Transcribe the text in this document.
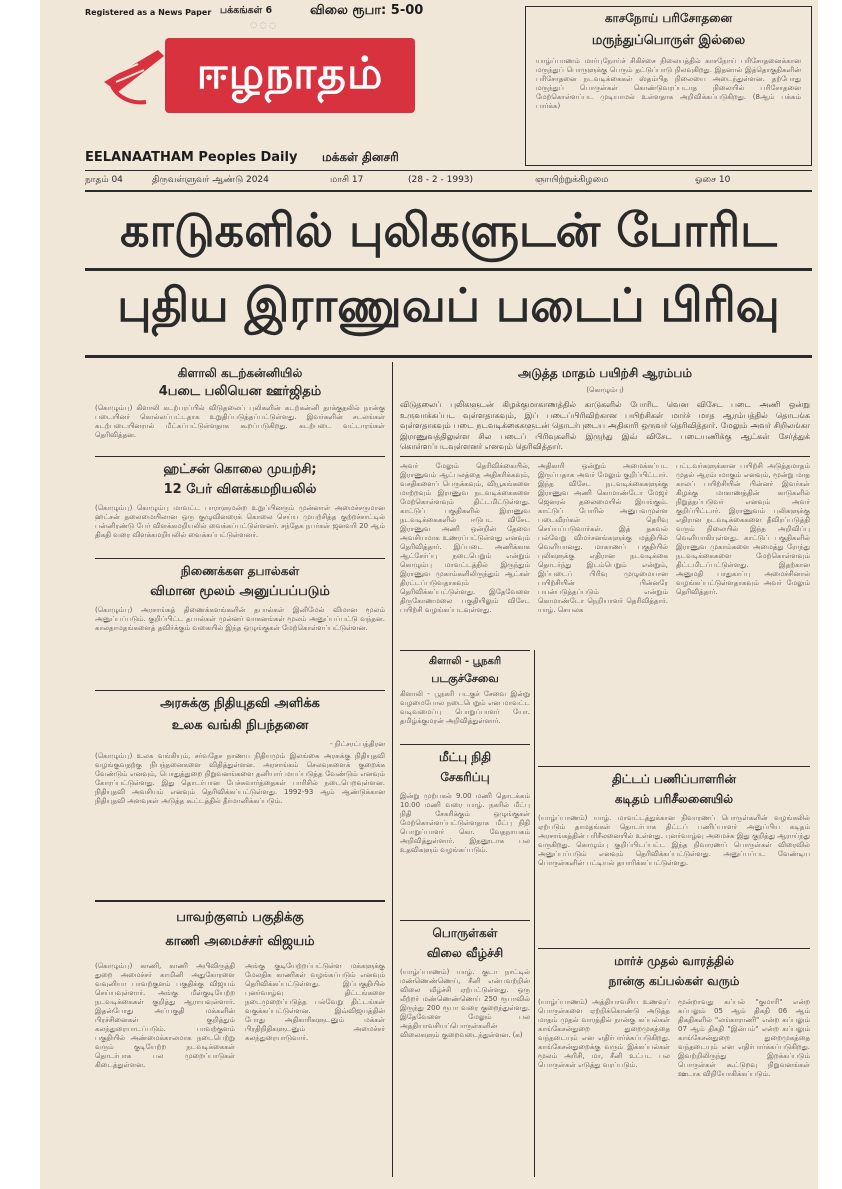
Registered as a News Paper பக்கங்கள் 6	விலை ரூபா: 5-00
◌ ◌ ◌
ஈழநாதம்
EELANAATHAM Peoples Daily மக்கள் தினசரி
காசநோய் பரிசோதனை
மருந்துப்பொருள் இல்லை
யாழ்ப்பாணம் மார்புநோய்ச் சிகிச்சை நிலையத்தில் காசநோய் பரிசோதனைக்கான மருந்துப் பொருளுக்கு பெரும் தட்டுப்பாடு நிலவுகிறது. இதனால் இத்தொகுதிகளின் பரிசோதனை நடவடிக்கைகள் ஸ்தம்பித நிலையை அடைந்துள்ளன. தற்போது மருந்துப் பொருள்கள் கொண்டுவரப்படாத நிலையில் பரிசோதனை மேற்கொள்ளப்பட முடியாமல் உள்ளதாக அறிவிக்கப்படுகிறது. (8ஆம் பக்கம் பார்க்க)
நாதம் 04	திருவள்ளுவர் ஆண்டு 2024	மாசி 17	(28 - 2 - 1993)	ஞாயிற்றுக்கிழமை	ஓசை 10
காடுகளில் புலிகளுடன் போரிட
புதிய இராணுவப் படைப் பிரிவு
கிளாலி கடற்கன்னியில்
4படை பலியென ஊர்ஜிதம்
(கொழும்பு) கிளாலி கடற்பரப்பில் விடுதலைப் புலிகளின் கடற்கன்னி தாக்குதலில் நான்கு படையினர் கொல்லப்பட்டதாக உறுதிப்படுத்தப்பட்டுள்ளது. இவர்களின் சடலங்கள் கடற்படையினரால் மீட்கப்பட்டுள்ளதாக கூறப்படுகிறது. கடற்படை வட்டாரங்கள் தெரிவித்தன.
ஹட்சன் கொலை முயற்சி;
12 பேர் விளக்கமறியலில்
(கொழும்பு) கொழும்பு மாவட்ட பாராளுமன்ற உறுப்பினரும் முன்னாள் அமைச்சருமான ஹட்சன் தலைமையிலான ஒரு குழுவினரைக் கொலை செய்ய முயற்சித்த குற்றச்சாட்டில் பன்னிரண்டு பேர் விளக்கமறியலில் வைக்கப்பட்டுள்ளனர். சந்தேக நபர்கள் ஜனவரி 20 ஆம் திகதி வரை விளக்கமறியலில் வைக்கப்பட்டுள்ளனர்.
நிணைக்கள தபால்கள்
விமான மூலம் அனுப்பப்படும்
(கொழும்பு) அரசாங்கத் திணைக்களங்களின் தபால்கள் இனிமேல் விமான மூலம் அனுப்பப்படும். குறிப்பிட்ட தபால்கள் முன்னர் வாகனங்கள் மூலம் அனுப்பப்பட்டு வந்தன. காலதாமதங்களைத் தவிர்க்கும் வகையில் இந்த ஒழுங்குகள் மேற்கொள்ளப்பட்டுள்ளன.
அரசுக்கு நிதியுதவி அளிக்க
உலக வங்கி நிபந்தனை
- நிட்சரட்பத்திரன
(கொழும்பு) உலக வங்கியும், சர்வதேச நாணய நிதியமும் இலங்கை அரசுக்கு நிதியுதவி வழங்குவதற்கு நிபந்தனைகளை விதித்துள்ளன. அரசாங்கம் செலவுகளைக் குறைக்க வேண்டும் எனவும், பொதுத்துறை நிறுவனங்களை தனியார் மயப்படுத்த வேண்டும் எனவும் கோரப்பட்டுள்ளது. இது தொடர்பான பேச்சுவார்த்தைகள் பாரிசில் நடைபெறவுள்ளன. நிதியுதவி அவசியம் எனவும் தெரிவிக்கப்பட்டுள்ளது. 1992-93 ஆம் ஆண்டுக்கான நிதியுதவி அளவுகள் அடுத்த கூட்டத்தில் தீர்மானிக்கப்படும்.
பாவற்குளம் பகுதிக்கு
காணி அமைச்சர் விஜயம்
(கொழும்பு) காணி, காணி அபிவிருத்தி துறை அமைச்சர் காமினி அதுகோரளை வவுனியா பாவற்குளம் பகுதிக்கு விஜயம் செய்யவுள்ளார். அங்கு மீள்குடியேற்ற நடவடிக்கைகள் குறித்து ஆராயவுள்ளார். இதன்போது அப்பகுதி மக்களின் பிரச்சினைகள் குறித்தும் கலந்துரையாடப்படும். பாவற்குளம் பகுதியில் அண்மைக்காலமாக நடைபெற்று வரும் குடியேற்ற நடவடிக்கைகள் தொடர்பாக பல முறைப்பாடுகள் கிடைத்துள்ளன.
அங்கு குடியேற்றப்பட்டுள்ள மக்களுக்கு மேலதிக காணிகள் வழங்கப்படும் எனவும் தெரிவிக்கப்பட்டுள்ளது. இப்பகுதியில் புனர்வாழ்வு திட்டங்களை நடைமுறைப்படுத்த பல்வேறு திட்டங்கள் வகுக்கப்பட்டுள்ளன. இவ்விஜயத்தின் போது அதிகாரிகளுடனும் மக்கள் பிரதிநிதிகளுடனும் அமைச்சர் கலந்துரையாடுவார்.
அடுத்த மாதம் பயிற்சி ஆரம்பம்
(கொழும்பு)
விடுதலைப் புலிகளுடன் கிழக்குமாகாணத்தில் காடுகளில் போரிட வென விசேட படை அணி ஒன்று உருவாக்கப்பட வுள்ளதாகவும், இப் படைப்பிரிவிற்கான பயிற்சிகள் மார்ச் மாத ஆரம்பத்தில் தொடங்க வுள்ளதாகவும் படை நடவடிக்கைகளுடன் தொடர்புடைய அதிகாரி ஒருவர் தெரிவித்தார். மேலும் அவர் சிறிலங்கா இராணுவத்திலுள்ள சில படைப் பிரிவுகளில் இருந்து இவ் விசேட படையணிக்கு ஆட்கள் சேர்த்துக் கொள்ளப்படவுள்ளனர் எனவும் தெரிவித்தார்.
அவர் மேலும் தெரிவிக்கையில், இராணுவம் ஆட்பலத்தை அதிகரிக்கவும், வசதிகளைப் பெருக்கவும், வியூகங்களை மாற்றவும் இராணுவ நடவடிக்கைகளை மேற்கொள்ளவும் திட்டமிட்டுள்ளது. காட்டுப் பகுதிகளில் இராணுவ நடவடிக்கைகளில் ஈடுபட விசேட இராணுவ அணி ஒன்றின் தேவை அவசியமாக உணரப்பட்டுள்ளது எனவும் தெரிவித்தார். இப்படை அணிக்காக ஆட்சேர்ப்பு நடைபெறும் என்றும் கொழும்பு மாவட்டத்தில் இருந்தும் இராணுவ முகாம்களிலிருந்தும் ஆட்கள் திரட்டப்படுவதாகவும் தெரிவிக்கப்பட்டுள்ளது. இதேவேளை திருகோணமலை பகுதியிலும் விசேட பயிற்சி வழங்கப்படவுள்ளது.
அதிகாரி ஒன்றும் அமைக்கப்பட இருப்பதாக அவர் மேலும் குறிப்பிட்டார். இந்த விசேட நடவடிக்கைகளுக்கு இராணுவ அணி கொமாண்டோ மேஜர் ஜெனரல் தலைமையில் இயங்கும். காட்டுப் போரில் அனுபவமுள்ள படைவீரர்கள் தெரிவு செய்யப்படுவார்கள். இத் தகவல் பல்வேறு விமர்சனங்களுக்கு மத்தியில் வெளியானது. மாகாணப் பகுதியில் புலிகளுக்கு எதிரான நடவடிக்கை தொடர்ந்து இடம்பெறும் என்றும், இப்படைப் பிரிவு முழுமையான பயிற்சியின் பின்னரே பயன்படுத்தப்படும் என்றும் கொமாண்டோ நெறியாளர் தெரிவித்தார். யாழ். செயலக
பட்டவர்களுக்கான பயிற்சி அடுத்தமாதம் முதல் ஆரம்பமாகும் எனவும், மூன்று மாத காலப் பயிற்சியின் பின்னர் இவர்கள் கிழக்கு மாகாணத்தின் காடுகளில் நிறுத்தப்படுவர் எனவும் அவர் குறிப்பிட்டார். இராணுவம் புலிகளுக்கு எதிரான நடவடிக்கைகளை தீவிரப்படுத்தி வரும் நிலையில் இந்த அறிவிப்பு வெளியாகியுள்ளது. காட்டுப் பகுதிகளில் இராணுவ முகாம்களை அமைத்து ரோந்து நடவடிக்கைகளை மேற்கொள்ளவும் திட்டமிடப்பட்டுள்ளது. இதற்கான அனுமதி பாதுகாப்பு அமைச்சினால் வழங்கப்பட்டுள்ளதாகவும் அவர் மேலும் தெரிவித்தார்.
கிளாலி - பூநகரி
படகுச்சேவை
கிளாலி - பூநகரி படகுச் சேவை இன்று வழமைபோல நடைபெறும் என மாவட்ட வடிவமைப்பு பொறுப்பாளர் யோ. தமிழ்க்குமரன் அறிவித்துள்ளார்.
மீட்பு நிதி
சேகரிப்பு
இன்று முற்பகல் 9.00 மணி தொடக்கம் 10.00 மணி வரை யாழ். நகரில் மீட்பு நிதி சேகரிக்கும் ஒழுங்குகள் மேற்கொள்ளப்பட்டுள்ளதாக மீட்பு நிதி பொறுப்பாளர் கொ. வேதநாயகம் அறிவித்துள்ளார். இதனூடாக பல உதவிகளும் வழங்கப்படும்.
பொருள்கள்
விலை வீழ்ச்சி
(யாழ்ப்பாணம்) யாழ். குடா நாட்டில் மண்ணெண்ணெய், சீனி என்பவற்றின் விலை வீழ்ச்சி ஏற்பட்டுள்ளது. ஒரு லீற்றர் மண்ணெண்ணெய் 250 ரூபாவில் இருந்து 200 ரூபா வரை குறைந்துள்ளது. இதேவேளை மேலும் பல அத்தியாவசியப்பொருள்களின் விலைகளும் குறைவடைந்துள்ளன. (க)
திட்டப் பணிப்பாளரின்
கடிதம் பரிசீலனையில்
(யாழ்ப்பாணம்) யாழ். மாவட்டத்துக்கான நிவாரணப் பொருள்களின் வழங்கலில் ஏற்படும் தாமதங்கள் தொடர்பாக திட்டப் பணிப்பாளர் அனுப்பிய கடிதம் அரசாங்கத்தின் பரிசீலனையில் உள்ளது. புனர்வாழ்வு அமைச்சு இது குறித்து ஆராய்ந்து வருகிறது. கொழும்பு குறிப்பிடப்பட்ட இந்த நிவாரணப் பொருள்கள் விரைவில் அனுப்பப்படும் எனவும் தெரிவிக்கப்பட்டுள்ளது. அனுப்பப்பட வேண்டிய பொருள்களின் பட்டியல் தயாரிக்கப்பட்டுள்ளது.
மார்ச் முதல் வாரத்தில்
நான்கு கப்பல்கள் வரும்
(யாழ்ப்பாணம்) அத்தியாவசிய உணவுப் பொருள்களை ஏற்றிக்கொண்டு அடுத்த மாதம் முதல் வாரத்தில் நான்கு கப்பல்கள் காங்கேசன்துறை துறைமுகத்தை வந்தடையும் என எதிர்பார்க்கப்படுகிறது. காங்கேசன்துறைக்கு வரும் இக்கப்பல்கள் மூலம் அரிசி, மா, சீனி உட்பட பல பொருள்கள் எடுத்து வரப்படும்.
மூன்றாவது கப்பல் "குமாரி" என்ற கப்பலும் 05 ஆம் திகதி 06 ஆம் திகதிகளில் "லங்காராணி" என்ற கப்பலும் 07 ஆம் திகதி "இன்பம்" என்ற கப்பலும் காங்கேசன்துறை துறைமுகத்தை வந்தடையும் என எதிர்பார்க்கப்படுகிறது. இவற்றிலிருந்து இறக்கப்படும் பொருள்கள் கூட்டுறவு நிறுவனங்கள் ஊடாக விநியோகிக்கப்படும்.
